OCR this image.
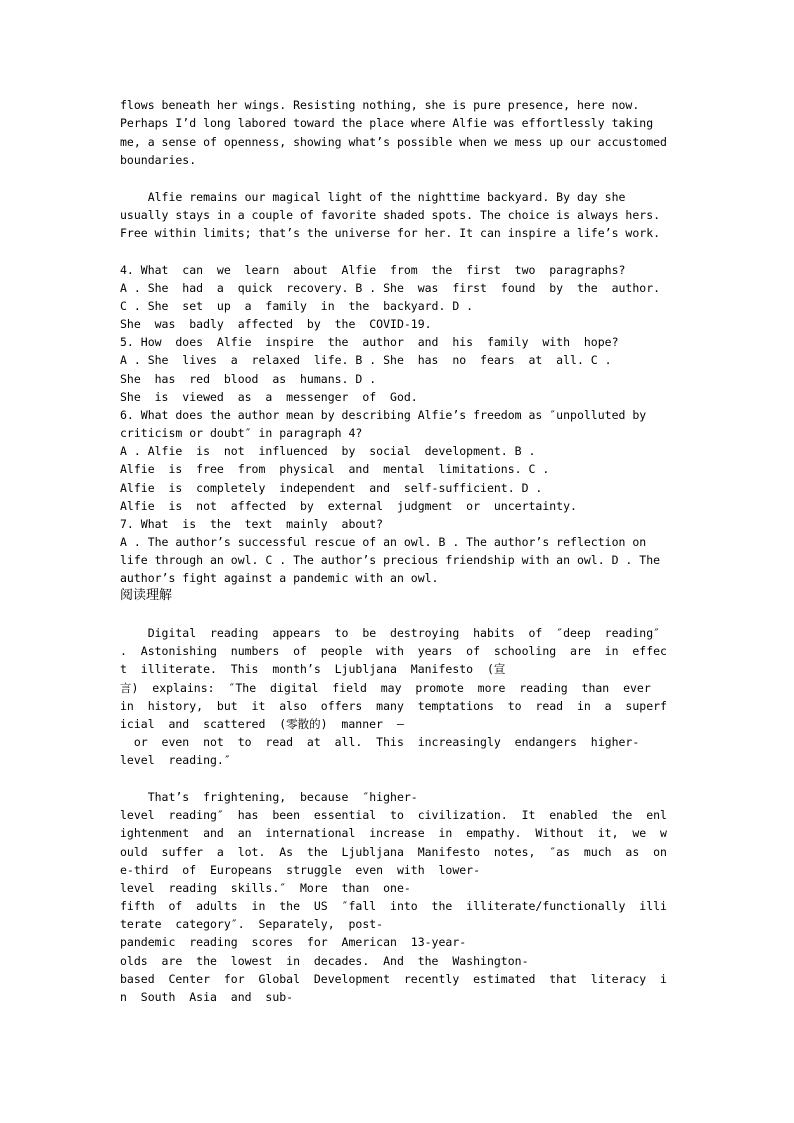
flows beneath her wings. Resisting nothing, she is pure presence, here now.
Perhaps I’d long labored toward the place where Alfie was effortlessly taking
me, a sense of openness, showing what’s possible when we mess up our accustomed
boundaries.
Alfie remains our magical light of the nighttime backyard. By day she
usually stays in a couple of favorite shaded spots. The choice is always hers.
Free within limits; that’s the universe for her. It can inspire a life’s work.
4. What  can  we  learn  about  Alfie  from  the  first  two  paragraphs?
A . She  had  a  quick  recovery. B . She  was  first  found  by  the  author.
C . She  set  up  a  family  in  the  backyard. D .
She  was  badly  affected  by  the  COVID-19.
5. How  does  Alfie  inspire  the  author  and  his  family  with  hope?
A . She  lives  a  relaxed  life. B . She  has  no  fears  at  all. C .
She  has  red  blood  as  humans. D .
She  is  viewed  as  a  messenger  of  God.
6. What does the author mean by describing Alfie’s freedom as ″unpolluted by
criticism or doubt″ in paragraph 4?
A . Alfie  is  not  influenced  by  social  development. B .
Alfie  is  free  from  physical  and  mental  limitations. C .
Alfie  is  completely  independent  and  self-sufficient. D .
Alfie  is  not  affected  by  external  judgment  or  uncertainty.
7. What  is  the  text  mainly  about?
A . The author’s successful rescue of an owl. B . The author’s reflection on
life through an owl. C . The author’s precious friendship with an owl. D . The
author’s fight against a pandemic with an owl.
阅读理解
Digital  reading  appears  to  be  destroying  habits  of  ″deep  reading″
.  Astonishing  numbers  of  people  with  years  of  schooling  are  in  effec
t  illiterate.  This  month’s  Ljubljana  Manifesto  (宣
言)  explains:  ″The  digital  field  may  promote  more  reading  than  ever
in  history,  but  it  also  offers  many  temptations  to  read  in  a  superf
icial  and  scattered  (零散的)  manner  —
or  even  not  to  read  at  all.  This  increasingly  endangers  higher-
level  reading.″
That’s  frightening,  because  ″higher-
level  reading″  has  been  essential  to  civilization.  It  enabled  the  enl
ightenment  and  an  international  increase  in  empathy.  Without  it,  we  w
ould  suffer  a  lot.  As  the  Ljubljana  Manifesto  notes,  ″as  much  as  on
e-third  of  Europeans  struggle  even  with  lower-
level  reading  skills.″  More  than  one-
fifth  of  adults  in  the  US  ″fall  into  the  illiterate/functionally  illi
terate  category″.  Separately,  post-
pandemic  reading  scores  for  American  13-year-
olds  are  the  lowest  in  decades.  And  the  Washington-
based  Center  for  Global  Development  recently  estimated  that  literacy  i
n  South  Asia  and  sub-
